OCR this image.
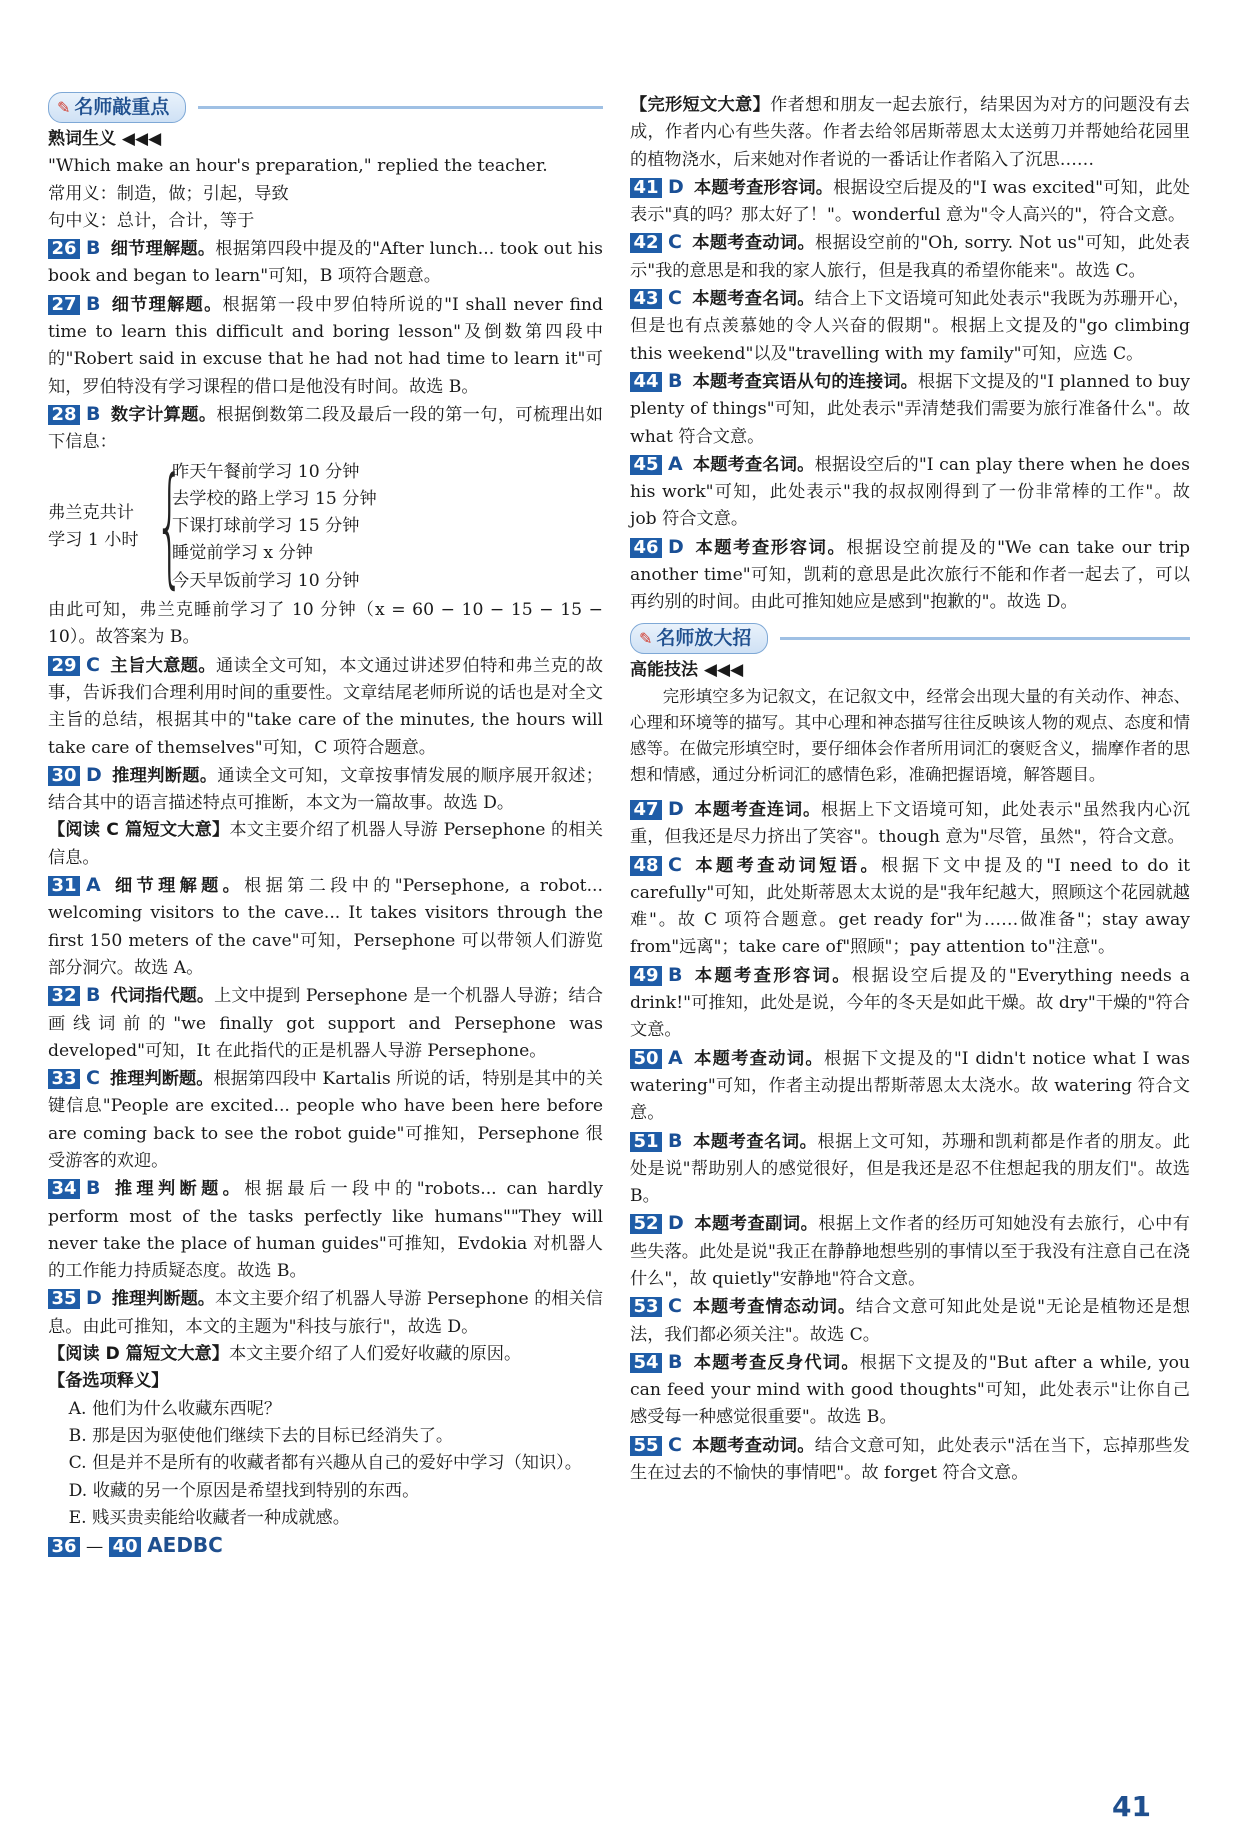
✎ 名师敲重点

熟词生义 ◀◀◀

"Which make an hour's preparation," replied the teacher.

常用义：制造，做；引起，导致

句中义：总计，合计，等于

26 B 细节理解题。根据第四段中提及的"After lunch... took out his book and began to learn"可知，B 项符合题意。

27 B 细节理解题。根据第一段中罗伯特所说的"I shall never find time to learn this difficult and boring lesson"及倒数第四段中的"Robert said in excuse that he had not had time to learn it"可知，罗伯特没有学习课程的借口是他没有时间。故选 B。

28 B 数字计算题。根据倒数第二段及最后一段的第一句，可梳理出如下信息：

弗兰克共计学习 1 小时 {
昨天午餐前学习 10 分钟
去学校的路上学习 15 分钟
下课打球前学习 15 分钟
睡觉前学习 x 分钟
今天早饭前学习 10 分钟

由此可知，弗兰克睡前学习了 10 分钟（x = 60 − 10 − 15 − 15 − 10）。故答案为 B。

29 C 主旨大意题。通读全文可知，本文通过讲述罗伯特和弗兰克的故事，告诉我们合理利用时间的重要性。文章结尾老师所说的话也是对全文主旨的总结，根据其中的"take care of the minutes, the hours will take care of themselves"可知，C 项符合题意。

30 D 推理判断题。通读全文可知，文章按事情发展的顺序展开叙述；结合其中的语言描述特点可推断，本文为一篇故事。故选 D。

【阅读 C 篇短文大意】本文主要介绍了机器人导游 Persephone 的相关信息。

31 A 细节理解题。根据第二段中的"Persephone, a robot... welcoming visitors to the cave... It takes visitors through the first 150 meters of the cave"可知，Persephone 可以带领人们游览部分洞穴。故选 A。

32 B 代词指代题。上文中提到 Persephone 是一个机器人导游；结合画线词前的"we finally got support and Persephone was developed"可知，It 在此指代的正是机器人导游 Persephone。

33 C 推理判断题。根据第四段中 Kartalis 所说的话，特别是其中的关键信息"People are excited... people who have been here before are coming back to see the robot guide"可推知，Persephone 很受游客的欢迎。

34 B 推理判断题。根据最后一段中的"robots... can hardly perform most of the tasks perfectly like humans""They will never take the place of human guides"可推知，Evdokia 对机器人的工作能力持质疑态度。故选 B。

35 D 推理判断题。本文主要介绍了机器人导游 Persephone 的相关信息。由此可推知，本文的主题为"科技与旅行"，故选 D。

【阅读 D 篇短文大意】本文主要介绍了人们爱好收藏的原因。

【备选项释义】

A. 他们为什么收藏东西呢？

B. 那是因为驱使他们继续下去的目标已经消失了。

C. 但是并不是所有的收藏者都有兴趣从自己的爱好中学习（知识）。

D. 收藏的另一个原因是希望找到特别的东西。

E. 贱买贵卖能给收藏者一种成就感。

36 — 40 AEDBC

【完形短文大意】作者想和朋友一起去旅行，结果因为对方的问题没有去成，作者内心有些失落。作者去给邻居斯蒂恩太太送剪刀并帮她给花园里的植物浇水，后来她对作者说的一番话让作者陷入了沉思……

41 D 本题考查形容词。根据设空后提及的"I was excited"可知，此处表示"真的吗？那太好了！"。wonderful 意为"令人高兴的"，符合文意。

42 C 本题考查动词。根据设空前的"Oh, sorry. Not us"可知，此处表示"我的意思是和我的家人旅行，但是我真的希望你能来"。故选 C。

43 C 本题考查名词。结合上下文语境可知此处表示"我既为苏珊开心，但是也有点羡慕她的令人兴奋的假期"。根据上文提及的"go climbing this weekend"以及"travelling with my family"可知，应选 C。

44 B 本题考查宾语从句的连接词。根据下文提及的"I planned to buy plenty of things"可知，此处表示"弄清楚我们需要为旅行准备什么"。故 what 符合文意。

45 A 本题考查名词。根据设空后的"I can play there when he does his work"可知，此处表示"我的叔叔刚得到了一份非常棒的工作"。故 job 符合文意。

46 D 本题考查形容词。根据设空前提及的"We can take our trip another time"可知，凯莉的意思是此次旅行不能和作者一起去了，可以再约别的时间。由此可推知她应是感到"抱歉的"。故选 D。

✎ 名师放大招

高能技法 ◀◀◀

完形填空多为记叙文，在记叙文中，经常会出现大量的有关动作、神态、心理和环境等的描写。其中心理和神态描写往往反映该人物的观点、态度和情感等。在做完形填空时，要仔细体会作者所用词汇的褒贬含义，揣摩作者的思想和情感，通过分析词汇的感情色彩，准确把握语境，解答题目。

47 D 本题考查连词。根据上下文语境可知，此处表示"虽然我内心沉重，但我还是尽力挤出了笑容"。though 意为"尽管，虽然"，符合文意。

48 C 本题考查动词短语。根据下文中提及的"I need to do it carefully"可知，此处斯蒂恩太太说的是"我年纪越大，照顾这个花园就越难"。故 C 项符合题意。get ready for"为……做准备"；stay away from"远离"；take care of"照顾"；pay attention to"注意"。

49 B 本题考查形容词。根据设空后提及的"Everything needs a drink!"可推知，此处是说，今年的冬天是如此干燥。故 dry"干燥的"符合文意。

50 A 本题考查动词。根据下文提及的"I didn't notice what I was watering"可知，作者主动提出帮斯蒂恩太太浇水。故 watering 符合文意。

51 B 本题考查名词。根据上文可知，苏珊和凯莉都是作者的朋友。此处是说"帮助别人的感觉很好，但是我还是忍不住想起我的朋友们"。故选 B。

52 D 本题考查副词。根据上文作者的经历可知她没有去旅行，心中有些失落。此处是说"我正在静静地想些别的事情以至于我没有注意自己在浇什么"，故 quietly"安静地"符合文意。

53 C 本题考查情态动词。结合文意可知此处是说"无论是植物还是想法，我们都必须关注"。故选 C。

54 B 本题考查反身代词。根据下文提及的"But after a while, you can feed your mind with good thoughts"可知，此处表示"让你自己感受每一种感觉很重要"。故选 B。

55 C 本题考查动词。结合文意可知，此处表示"活在当下，忘掉那些发生在过去的不愉快的事情吧"。故 forget 符合文意。

41
